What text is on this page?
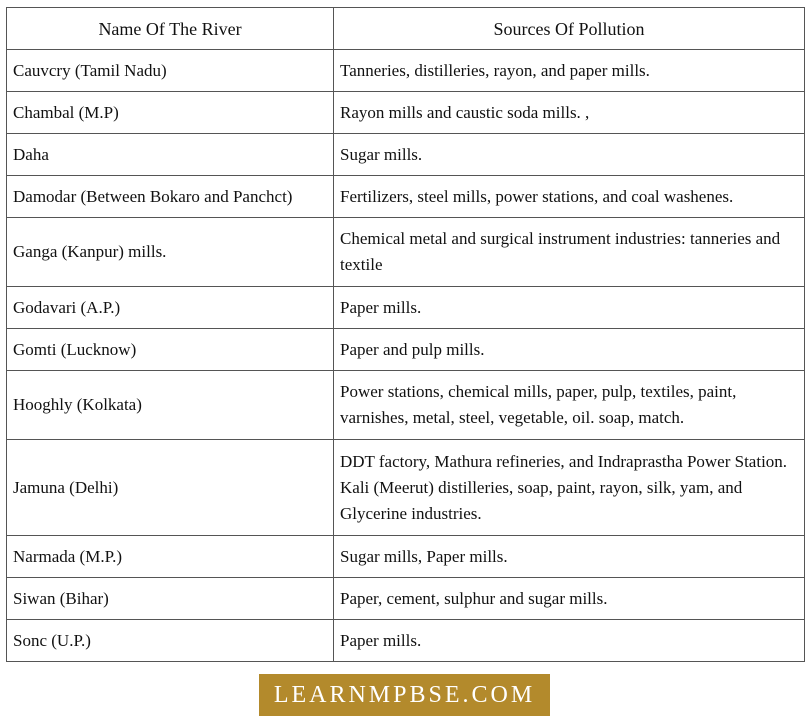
Name Of The River	Sources Of Pollution
Cauvcry (Tamil Nadu)	Tanneries, distilleries, rayon, and paper mills.
Chambal (M.P)	Rayon mills and caustic soda mills. ,
Daha	Sugar mills.
Damodar (Between Bokaro and Panchct)	Fertilizers, steel mills, power stations, and coal washenes.
Ganga (Kanpur) mills.	Chemical metal and surgical instrument industries: tanneries and textile
Godavari (A.P.)	Paper mills.
Gomti (Lucknow)	Paper and pulp mills.
Hooghly (Kolkata)	Power stations, chemical mills, paper, pulp, textiles, paint, varnishes, metal, steel, vegetable, oil. soap, match.
Jamuna (Delhi)	DDT factory, Mathura refineries, and Indraprastha Power Station. Kali (Meerut) distilleries, soap, paint, rayon, silk, yam, and Glycerine industries.
Narmada (M.P.)	Sugar mills, Paper mills.
Siwan (Bihar)	Paper, cement, sulphur and sugar mills.
Sonc (U.P.)	Paper mills.
LEARNMPBSE.COM
